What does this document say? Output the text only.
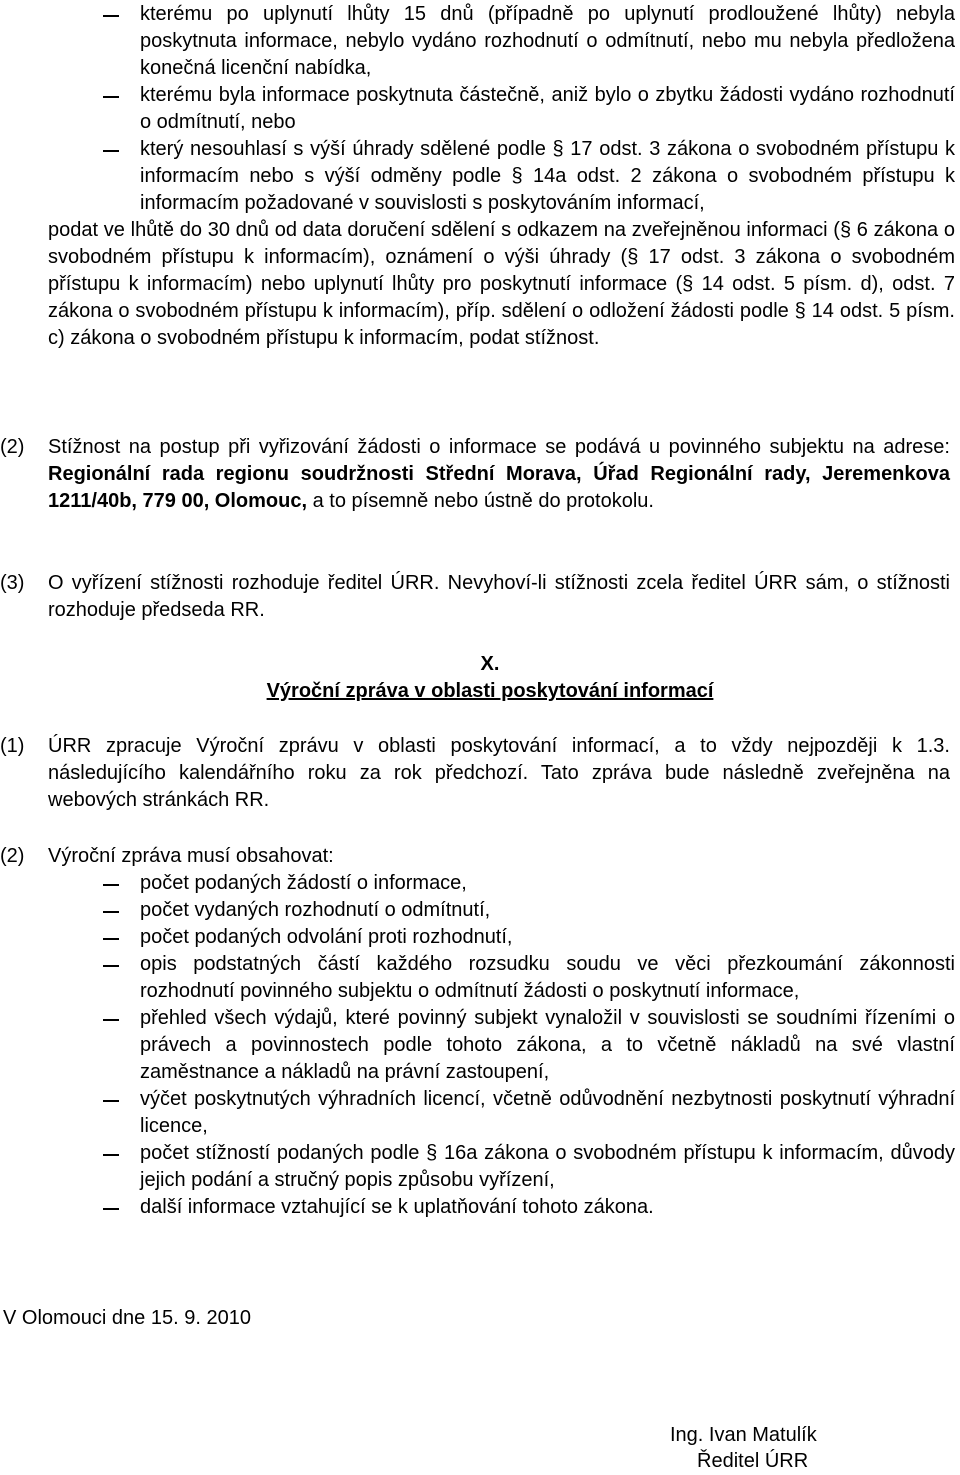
kterému po uplynutí lhůty 15 dnů (případně po uplynutí prodloužené lhůty) nebyla poskytnuta informace, nebylo vydáno rozhodnutí o odmítnutí, nebo mu nebyla předložena konečná licenční nabídka,
kterému byla informace poskytnuta částečně, aniž bylo o zbytku žádosti vydáno rozhodnutí o odmítnutí, nebo
který nesouhlasí s výší úhrady sdělené podle § 17 odst. 3 zákona o svobodném přístupu k informacím nebo s výší odměny podle § 14a odst. 2 zákona o svobodném přístupu k informacím požadované v souvislosti s poskytováním informací,
podat ve lhůtě do 30 dnů od data doručení sdělení s odkazem na zveřejněnou informaci (§ 6 zákona o svobodném přístupu k informacím), oznámení o výši úhrady (§ 17 odst. 3 zákona o svobodném přístupu k informacím) nebo uplynutí lhůty pro poskytnutí informace (§ 14 odst. 5 písm. d), odst. 7 zákona o svobodném přístupu k informacím), příp. sdělení o odložení žádosti podle § 14 odst. 5 písm. c) zákona o svobodném přístupu k informacím, podat stížnost.
(2) Stížnost na postup při vyřizování žádosti o informace se podává u povinného subjektu na adrese: Regionální rada regionu soudržnosti Střední Morava, Úřad Regionální rady, Jeremenkova 1211/40b, 779 00, Olomouc, a to písemně nebo ústně do protokolu.
(3) O vyřízení stížnosti rozhoduje ředitel ÚRR. Nevyhoví-li stížnosti zcela ředitel ÚRR sám, o stížnosti rozhoduje předseda RR.
X.
Výroční zpráva v oblasti poskytování informací
(1) ÚRR zpracuje Výroční zprávu v oblasti poskytování informací, a to vždy nejpozději k 1.3. následujícího kalendářního roku za rok předchozí. Tato zpráva bude následně zveřejněna na webových stránkách RR.
(2) Výroční zpráva musí obsahovat:
počet podaných žádostí o informace,
počet vydaných rozhodnutí o odmítnutí,
počet podaných odvolání proti rozhodnutí,
opis podstatných částí každého rozsudku soudu ve věci přezkoumání zákonnosti rozhodnutí povinného subjektu o odmítnutí žádosti o poskytnutí informace,
přehled všech výdajů, které povinný subjekt vynaložil v souvislosti se soudními řízeními o právech a povinnostech podle tohoto zákona, a to včetně nákladů na své vlastní zaměstnance a nákladů na právní zastoupení,
výčet poskytnutých výhradních licencí, včetně odůvodnění nezbytnosti poskytnutí výhradní licence,
počet stížností podaných podle § 16a zákona o svobodném přístupu k informacím, důvody jejich podání a stručný popis způsobu vyřízení,
další informace vztahující se k uplatňování tohoto zákona.
V Olomouci dne 15. 9. 2010
Ing. Ivan Matulík
Ředitel ÚRR
